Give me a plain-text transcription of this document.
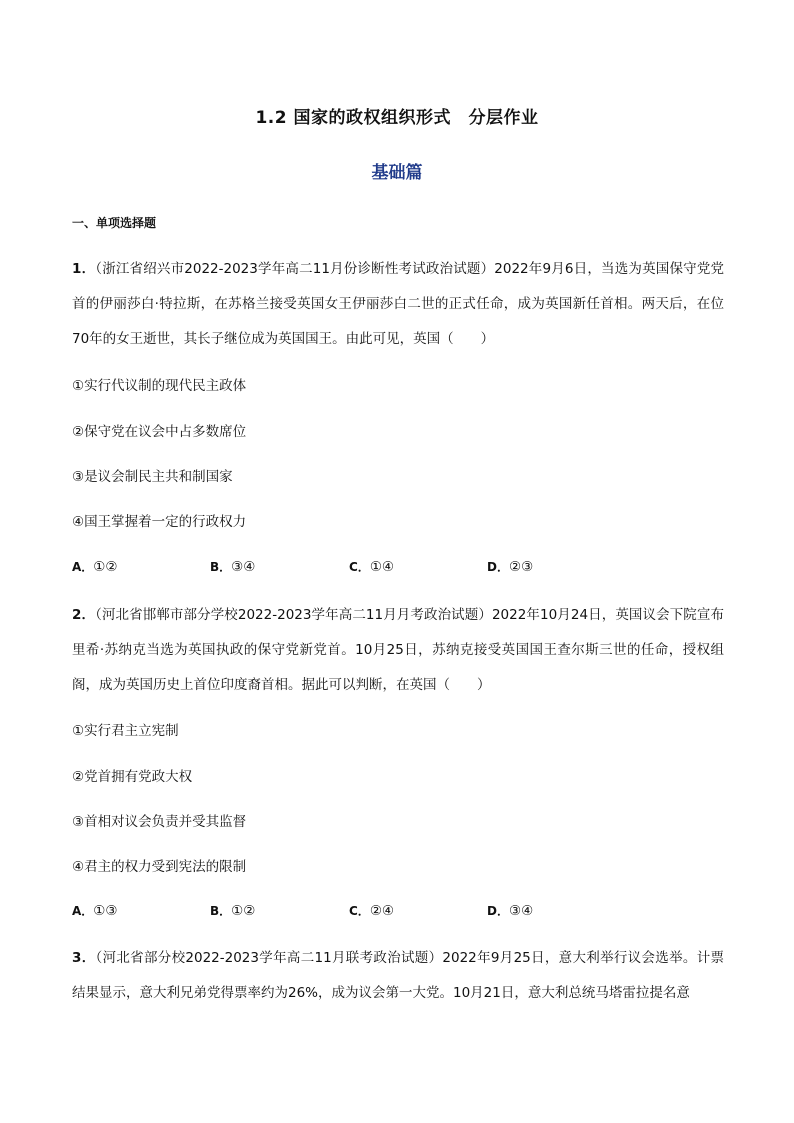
1.2 国家的政权组织形式　分层作业
基础篇
一、单项选择题
1．（浙江省绍兴市2022-2023学年高二11月份诊断性考试政治试题）2022年9月6日，当选为英国保守党党首的伊丽莎白·特拉斯，在苏格兰接受英国女王伊丽莎白二世的正式任命，成为英国新任首相。两天后，在位70年的女王逝世，其长子继位成为英国国王。由此可见，英国（　　）
①实行代议制的现代民主政体
②保守党在议会中占多数席位
③是议会制民主共和制国家
④国王掌握着一定的行政权力
A．①②	B．③④	C．①④	D．②③
2．（河北省邯郸市部分学校2022-2023学年高二11月月考政治试题）2022年10月24日，英国议会下院宣布里希·苏纳克当选为英国执政的保守党新党首。10月25日，苏纳克接受英国国王查尔斯三世的任命，授权组阁，成为英国历史上首位印度裔首相。据此可以判断，在英国（　　）
①实行君主立宪制
②党首拥有党政大权
③首相对议会负责并受其监督
④君主的权力受到宪法的限制
A．①③	B．①②	C．②④	D．③④
3．（河北省部分校2022-2023学年高二11月联考政治试题）2022年9月25日，意大利举行议会选举。计票结果显示，意大利兄弟党得票率约为26%，成为议会第一大党。10月21日，意大利总统马塔雷拉提名意
